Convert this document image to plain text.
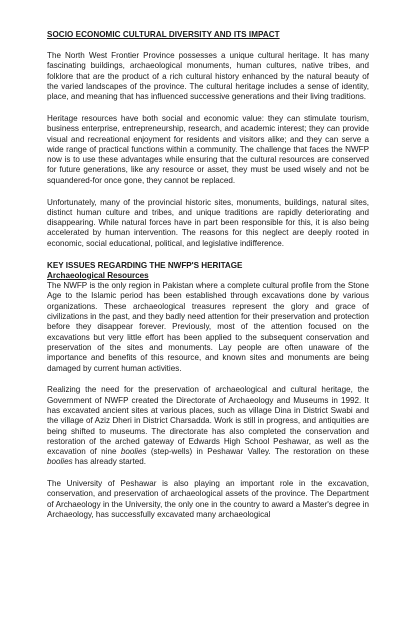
SOCIO ECONOMIC CULTURAL DIVERSITY AND ITS IMPACT

The North West Frontier Province possesses a unique cultural heritage. It has many fascinating buildings, archaeological monuments, human cultures, native tribes, and folklore that are the product of a rich cultural history enhanced by the natural beauty of the varied landscapes of the province. The cultural heritage includes a sense of identity, place, and meaning that has influenced successive generations and their living traditions.

Heritage resources have both social and economic value: they can stimulate tourism, business enterprise, entrepreneurship, research, and academic interest; they can provide visual and recreational enjoyment for residents and visitors alike; and they can serve a wide range of practical functions within a community. The challenge that faces the NWFP now is to use these advantages while ensuring that the cultural resources are conserved for future generations, like any resource or asset, they must be used wisely and not be squandered-for once gone, they cannot be replaced.

Unfortunately, many of the provincial historic sites, monuments, buildings, natural sites, distinct human culture and tribes, and unique traditions are rapidly deteriorating and disappearing. While natural forces have in part been responsible for this, it is also being accelerated by human intervention. The reasons for this neglect are deeply rooted in economic, social educational, political, and legislative indifference.

KEY ISSUES REGARDING THE NWFP'S HERITAGE
Archaeological Resources

The NWFP is the only region in Pakistan where a complete cultural profile from the Stone Age to the Islamic period has been established through excavations done by various organizations. These archaeological treasures represent the glory and grace of civilizations in the past, and they badly need attention for their preservation and protection before they disappear forever. Previously, most of the attention focused on the excavations but very little effort has been applied to the subsequent conservation and preservation of the sites and monuments. Lay people are often unaware of the importance and benefits of this resource, and known sites and monuments are being damaged by current human activities.

Realizing the need for the preservation of archaeological and cultural heritage, the Government of NWFP created the Directorate of Archaeology and Museums in 1992. It has excavated ancient sites at various places, such as village Dina in District Swabi and the village of Aziz Dheri in District Charsadda. Work is still in progress, and antiquities are being shifted to museums. The directorate has also completed the conservation and restoration of the arched gateway of Edwards High School Peshawar, as well as the excavation of nine boolies (step-wells) in Peshawar Valley. The restoration on these boolies has already started.

The University of Peshawar is also playing an important role in the excavation, conservation, and preservation of archaeological assets of the province. The Department of Archaeology in the University, the only one in the country to award a Master's degree in Archaeology, has successfully excavated many archaeological
